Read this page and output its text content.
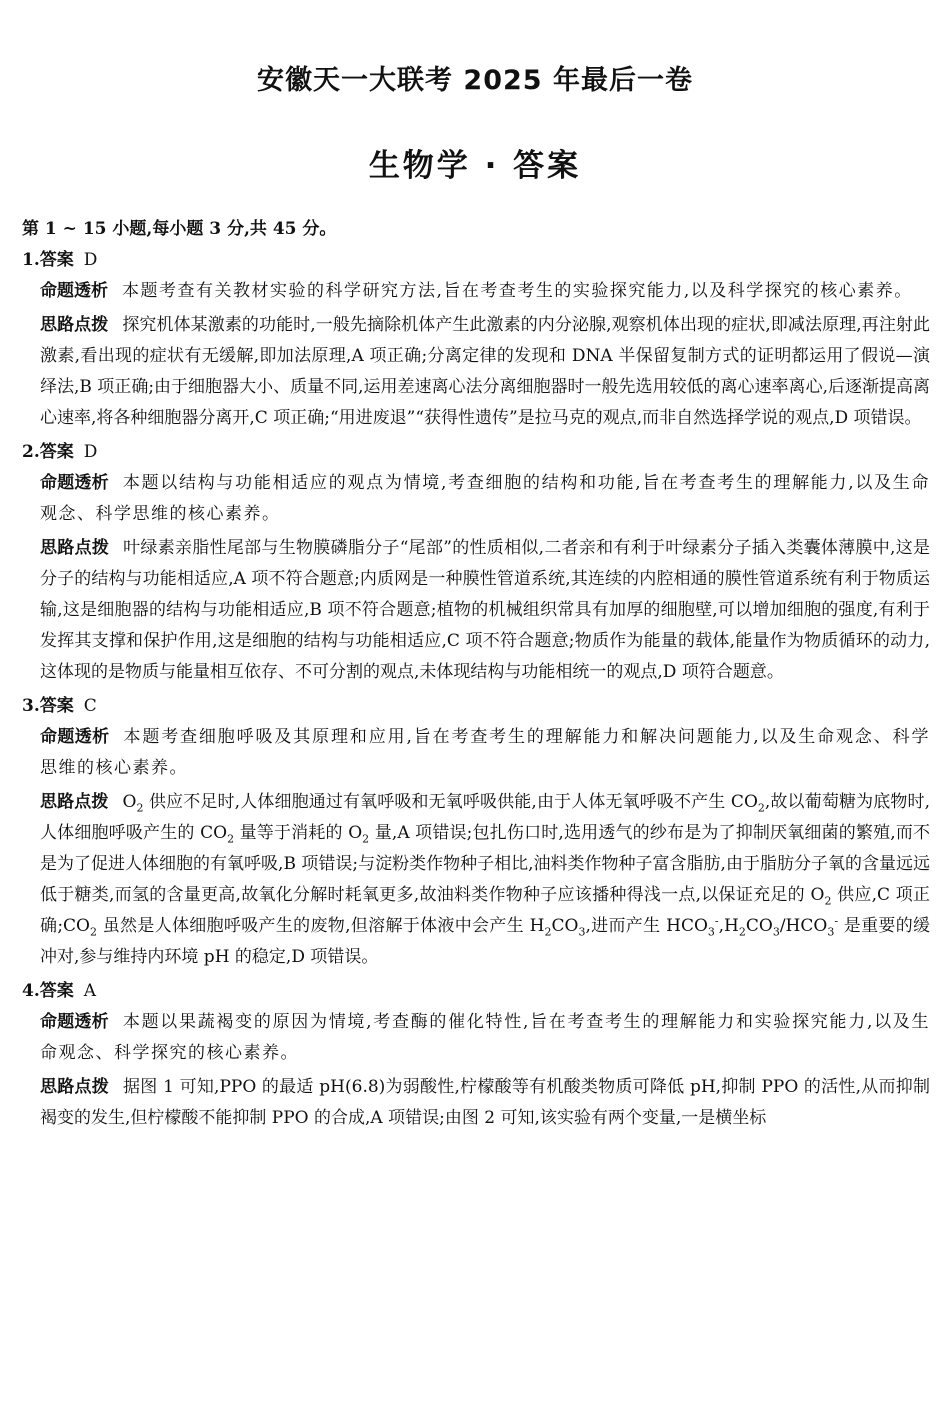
安徽天一大联考 2025 年最后一卷
生物学 · 答案

第 1 ~ 15 小题,每小题 3 分,共 45 分。

1.答案 D

命题透析 本题考查有关教材实验的科学研究方法,旨在考查考生的实验探究能力,以及科学探究的核心素养。

思路点拨 探究机体某激素的功能时,一般先摘除机体产生此激素的内分泌腺,观察机体出现的症状,即减法原理,再注射此激素,看出现的症状有无缓解,即加法原理,A 项正确;分离定律的发现和 DNA 半保留复制方式的证明都运用了假说—演绎法,B 项正确;由于细胞器大小、质量不同,运用差速离心法分离细胞器时一般先选用较低的离心速率离心,后逐渐提高离心速率,将各种细胞器分离开,C 项正确;“用进废退”“获得性遗传”是拉马克的观点,而非自然选择学说的观点,D 项错误。

2.答案 D

命题透析 本题以结构与功能相适应的观点为情境,考查细胞的结构和功能,旨在考查考生的理解能力,以及生命观念、科学思维的核心素养。

思路点拨 叶绿素亲脂性尾部与生物膜磷脂分子“尾部”的性质相似,二者亲和有利于叶绿素分子插入类囊体薄膜中,这是分子的结构与功能相适应,A 项不符合题意;内质网是一种膜性管道系统,其连续的内腔相通的膜性管道系统有利于物质运输,这是细胞器的结构与功能相适应,B 项不符合题意;植物的机械组织常具有加厚的细胞壁,可以增加细胞的强度,有利于发挥其支撑和保护作用,这是细胞的结构与功能相适应,C 项不符合题意;物质作为能量的载体,能量作为物质循环的动力,这体现的是物质与能量相互依存、不可分割的观点,未体现结构与功能相统一的观点,D 项符合题意。

3.答案 C

命题透析 本题考查细胞呼吸及其原理和应用,旨在考查考生的理解能力和解决问题能力,以及生命观念、科学思维的核心素养。

思路点拨 $O_2$ 供应不足时,人体细胞通过有氧呼吸和无氧呼吸供能,由于人体无氧呼吸不产生 $CO_2$,故以葡萄糖为底物时,人体细胞呼吸产生的 $CO_2$ 量等于消耗的 $O_2$ 量,A 项错误;包扎伤口时,选用透气的纱布是为了抑制厌氧细菌的繁殖,而不是为了促进人体细胞的有氧呼吸,B 项错误;与淀粉类作物种子相比,油料类作物种子富含脂肪,由于脂肪分子氧的含量远远低于糖类,而氢的含量更高,故氧化分解时耗氧更多,故油料类作物种子应该播种得浅一点,以保证充足的 $O_2$ 供应,C 项正确$;CO_2$ 虽然是人体细胞呼吸产生的废物,但溶解于体液中会产生 $H_2CO_3$,进而产生 $HCO_3^-,H_2CO_3/HCO_3^-$ 是重要的缓冲对,参与维持内环境 pH 的稳定,D 项错误。

4.答案 A

命题透析 本题以果蔬褐变的原因为情境,考查酶的催化特性,旨在考查考生的理解能力和实验探究能力,以及生命观念、科学探究的核心素养。

思路点拨 据图 1 可知,PPO 的最适 pH(6.8)为弱酸性,柠檬酸等有机酸类物质可降低 pH,抑制 PPO 的活性,从而抑制褐变的发生,但柠檬酸不能抑制 PPO 的合成,A 项错误;由图 2 可知,该实验有两个变量,一是横坐标
